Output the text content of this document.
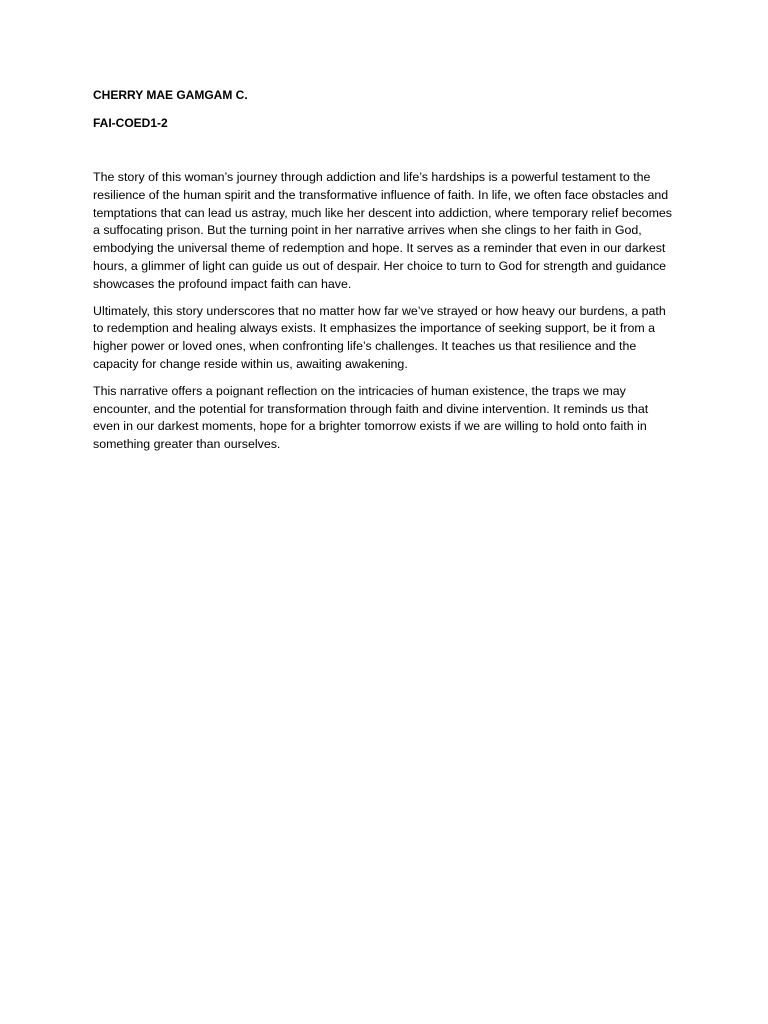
CHERRY MAE GAMGAM C.

FAI-COED1-2

The story of this woman’s journey through addiction and life’s hardships is a powerful testament to the resilience of the human spirit and the transformative influence of faith. In life, we often face obstacles and temptations that can lead us astray, much like her descent into addiction, where temporary relief becomes a suffocating prison. But the turning point in her narrative arrives when she clings to her faith in God, embodying the universal theme of redemption and hope. It serves as a reminder that even in our darkest hours, a glimmer of light can guide us out of despair. Her choice to turn to God for strength and guidance showcases the profound impact faith can have.

Ultimately, this story underscores that no matter how far we’ve strayed or how heavy our burdens, a path to redemption and healing always exists. It emphasizes the importance of seeking support, be it from a higher power or loved ones, when confronting life’s challenges. It teaches us that resilience and the capacity for change reside within us, awaiting awakening.

This narrative offers a poignant reflection on the intricacies of human existence, the traps we may encounter, and the potential for transformation through faith and divine intervention. It reminds us that even in our darkest moments, hope for a brighter tomorrow exists if we are willing to hold onto faith in something greater than ourselves.
